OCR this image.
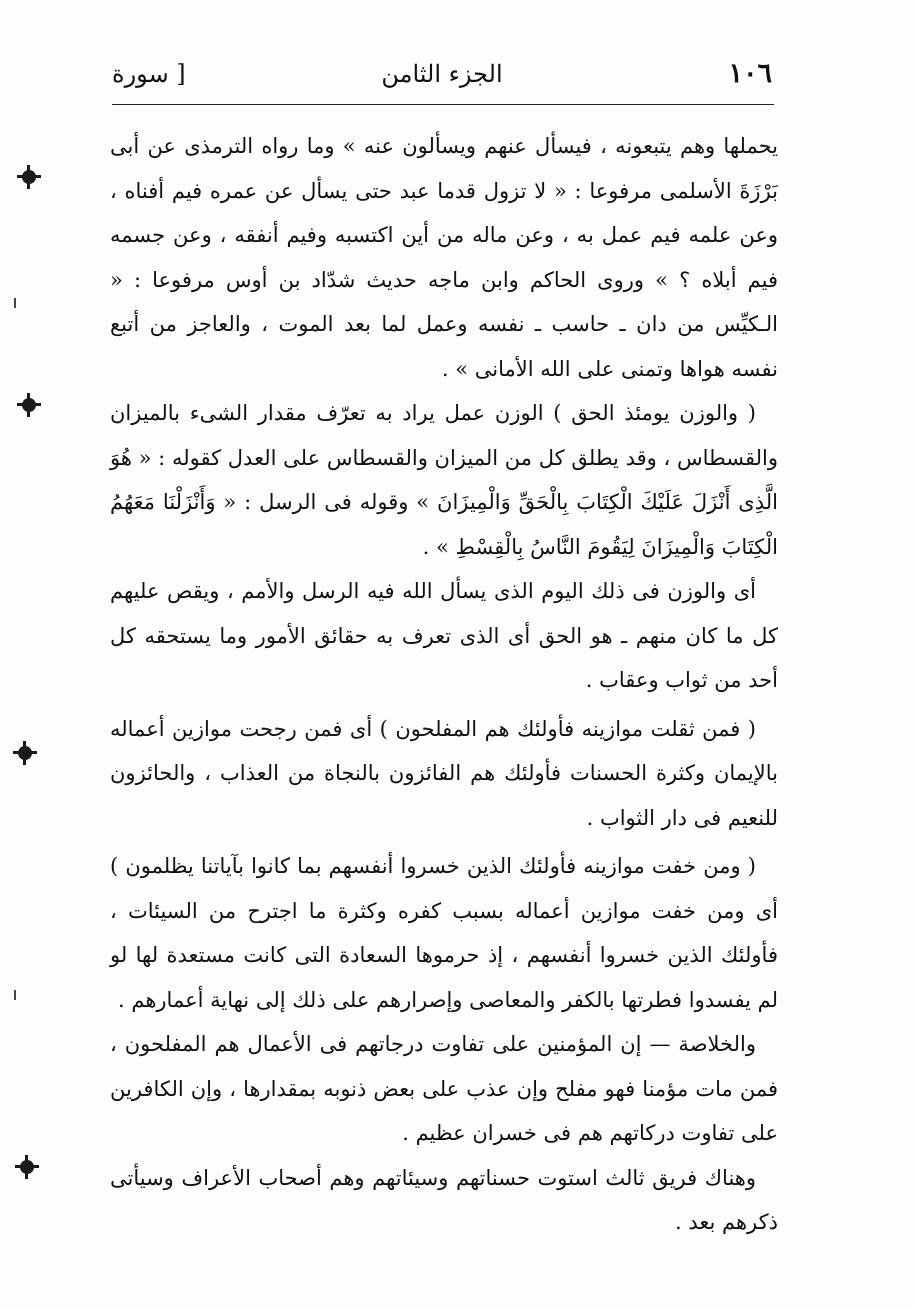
١٠٦
الجزء الثامن
[ سورة

يحملها وهم يتبعونه ، فيسأل عنهم ويسألون عنه » وما رواه الترمذى عن أبى بَرْزَةَ الأسلمى مرفوعا : « لا تزول قدما عبد حتى يسأل عن عمره فيم أفناه ، وعن علمه فيم عمل به ، وعن ماله من أين اكتسبه وفيم أنفقه ، وعن جسمه فيم أبلاه ؟ » وروى الحاكم وابن ماجه حديث شدّاد بن أوس مرفوعا : « الـكيِّس من دان ـ حاسب ـ نفسه وعمل لما بعد الموت ، والعاجز من أتبع نفسه هواها وتمنى على الله الأمانى » .

( والوزن يومئذ الحق ) الوزن عمل يراد به تعرّف مقدار الشىء بالميزان والقسطاس ، وقد يطلق كل من الميزان والقسطاس على العدل كقوله : « هُوَ الَّذِى أَنْزَلَ عَلَيْكَ الْكِتَابَ بِالْحَقِّ وَالْمِيزَانَ » وقوله فى الرسل : « وَأَنْزَلْنَا مَعَهُمُ الْكِتَابَ وَالْمِيزَانَ لِيَقُومَ النَّاسُ بِالْقِسْطِ » .

أى والوزن فى ذلك اليوم الذى يسأل الله فيه الرسل والأمم ، ويقص عليهم كل ما كان منهم ـ هو الحق أى الذى تعرف به حقائق الأمور وما يستحقه كل أحد من ثواب وعقاب .

( فمن ثقلت موازينه فأولئك هم المفلحون ) أى فمن رجحت موازين أعماله بالإيمان وكثرة الحسنات فأولئك هم الفائزون بالنجاة من العذاب ، والحائزون للنعيم فى دار الثواب .

( ومن خفت موازينه فأولئك الذين خسروا أنفسهم بما كانوا بآياتنا يظلمون ) أى ومن خفت موازين أعماله بسبب كفره وكثرة ما اجترح من السيئات ، فأولئك الذين خسروا أنفسهم ، إذ حرموها السعادة التى كانت مستعدة لها لو لم يفسدوا فطرتها بالكفر والمعاصى وإصرارهم على ذلك إلى نهاية أعمارهم .

والخلاصة — إن المؤمنين على تفاوت درجاتهم فى الأعمال هم المفلحون ، فمن مات مؤمنا فهو مفلح وإن عذب على بعض ذنوبه بمقدارها ، وإن الكافرين على تفاوت دركاتهم هم فى خسران عظيم .

وهناك فريق ثالث استوت حسناتهم وسيئاتهم وهم أصحاب الأعراف وسيأتى ذكرهم بعد .
